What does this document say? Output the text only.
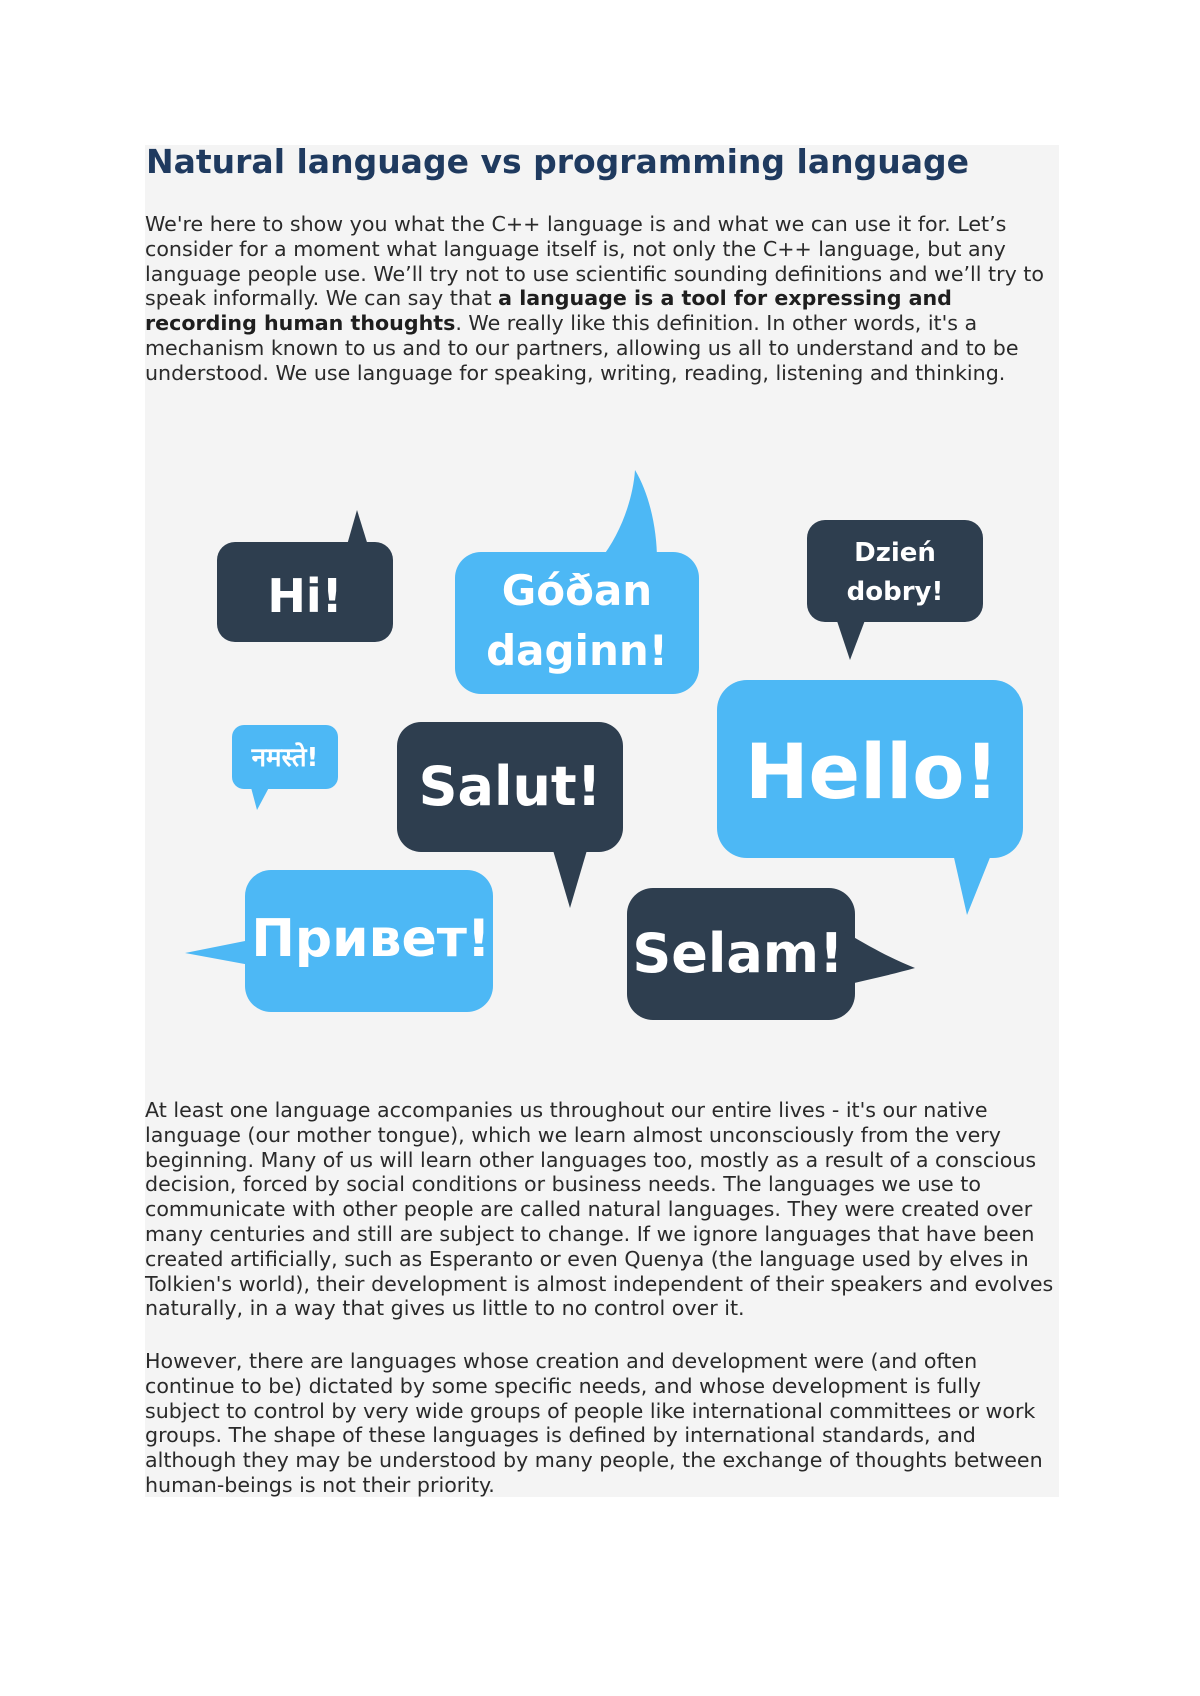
Natural language vs programming language

We're here to show you what the C++ language is and what we can use it for. Let’s consider for a moment what language itself is, not only the C++ language, but any language people use. We’ll try not to use scientific sounding definitions and we’ll try to speak informally. We can say that a language is a tool for expressing and recording human thoughts. We really like this definition. In other words, it's a mechanism known to us and to our partners, allowing us all to understand and to be understood. We use language for speaking, writing, reading, listening and thinking.

Hi!	Góðan
daginn!
Dzień
dobry!
नमस्ते! Salut! Hello!
Привет!	Selam!

At least one language accompanies us throughout our entire lives - it's our native language (our mother tongue), which we learn almost unconsciously from the very beginning. Many of us will learn other languages too, mostly as a result of a conscious decision, forced by social conditions or business needs. The languages we use to communicate with other people are called natural languages. They were created over many centuries and still are subject to change. If we ignore languages that have been created artificially, such as Esperanto or even Quenya (the language used by elves in Tolkien's world), their development is almost independent of their speakers and evolves naturally, in a way that gives us little to no control over it.

However, there are languages whose creation and development were (and often continue to be) dictated by some specific needs, and whose development is fully subject to control by very wide groups of people like international committees or work groups. The shape of these languages is defined by international standards, and although they may be understood by many people, the exchange of thoughts between human-beings is not their priority.
